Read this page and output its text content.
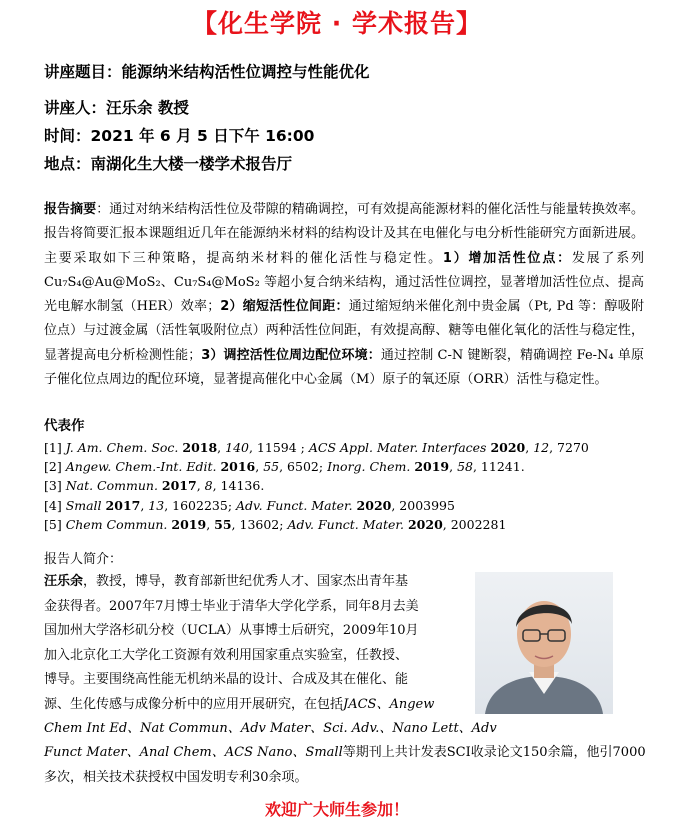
【化生学院 · 学术报告】
讲座题目：能源纳米结构活性位调控与性能优化
讲座人：汪乐余 教授
时间：2021 年 6 月 5 日下午 16:00
地点：南湖化生大楼一楼学术报告厅
报告摘要：通过对纳米结构活性位及带隙的精确调控，可有效提高能源材料的催化活性与能量转换效率。报告将简要汇报本课题组近几年在能源纳米材料的结构设计及其在电催化与电分析性能研究方面新进展。主要采取如下三种策略，提高纳米材料的催化活性与稳定性。1）增加活性位点：发展了系列 Cu₇S₄@Au@MoS₂、Cu₇S₄@MoS₂ 等超小复合纳米结构，通过活性位调控，显著增加活性位点、提高光电解水制氢（HER）效率；2）缩短活性位间距：通过缩短纳米催化剂中贵金属（Pt, Pd 等：醇吸附位点）与过渡金属（活性氧吸附位点）两种活性位间距，有效提高醇、糖等电催化氧化的活性与稳定性，显著提高电分析检测性能；3）调控活性位周边配位环境：通过控制 C-N 键断裂，精确调控 Fe-N₄ 单原子催化位点周边的配位环境，显著提高催化中心金属（M）原子的氧还原（ORR）活性与稳定性。
代表作
[1] J. Am. Chem. Soc. 2018, 140, 11594 ; ACS Appl. Mater. Interfaces 2020, 12, 7270
[2] Angew. Chem.-Int. Edit. 2016, 55, 6502; Inorg. Chem. 2019, 58, 11241.
[3] Nat. Commun. 2017, 8, 14136.
[4] Small 2017, 13, 1602235; Adv. Funct. Mater. 2020, 2003995
[5] Chem Commun. 2019, 55, 13602; Adv. Funct. Mater. 2020, 2002281
报告人简介：
汪乐余，教授，博导，教育部新世纪优秀人才、国家杰出青年基
金获得者。2007年7月博士毕业于清华大学化学系，同年8月去美
国加州大学洛杉矶分校（UCLA）从事博士后研究，2009年10月
加入北京化工大学化工资源有效利用国家重点实验室，任教授、
博导。主要围绕高性能无机纳米晶的设计、合成及其在催化、能
源、生化传感与成像分析中的应用开展研究，在包括JACS、Angew
Chem Int Ed、Nat Commun、Adv Mater、Sci. Adv.、Nano Lett、Adv
Funct Mater、Anal Chem、ACS Nano、Small等期刊上共计发表SCI收录论文150余篇，他引7000
多次，相关技术获授权中国发明专利30余项。
欢迎广大师生参加！
